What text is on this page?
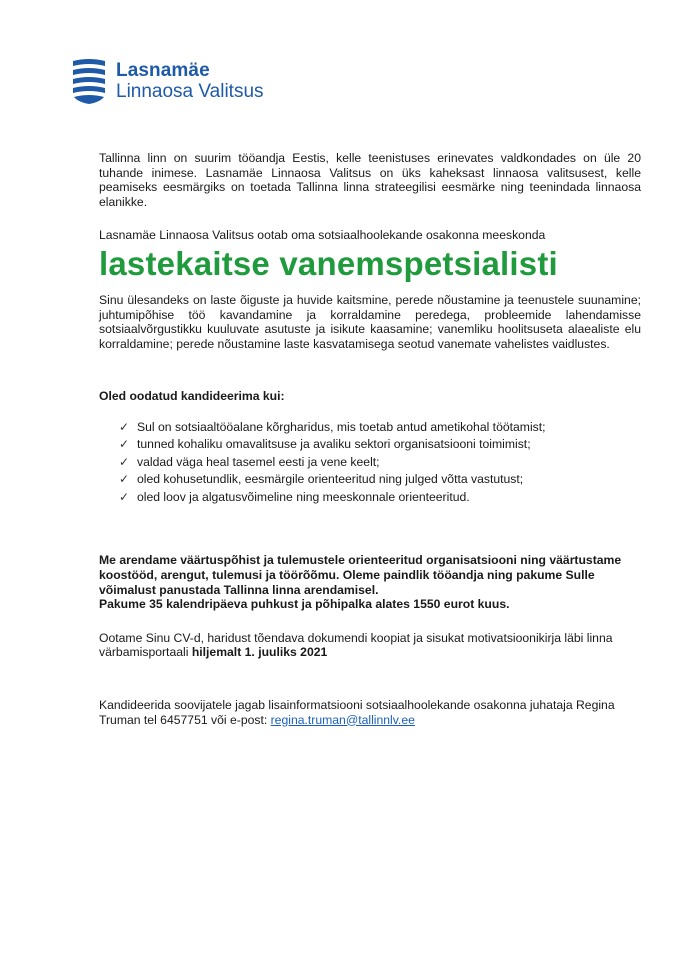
Lasnamäe
Linnaosa Valitsus

Tallinna linn on suurim tööandja Eestis, kelle teenistuses erinevates valdkondades on üle 20 tuhande inimese. Lasnamäe Linnaosa Valitsus on üks kaheksast linnaosa valitsusest, kelle peamiseks eesmärgiks on toetada Tallinna linna strateegilisi eesmärke ning teenindada linnaosa elanikke.

Lasnamäe Linnaosa Valitsus ootab oma sotsiaalhoolekande osakonna meeskonda

lastekaitse vanemspetsialisti

Sinu ülesandeks on laste õiguste ja huvide kaitsmine, perede nõustamine ja teenustele suunamine; juhtumipõhise töö kavandamine ja korraldamine peredega, probleemide lahendamisse sotsiaalvõrgustikku kuuluvate asutuste ja isikute kaasamine; vanemliku hoolitsuseta alaealiste elu korraldamine; perede nõustamine laste kasvatamisega seotud vanemate vahelistes vaidlustes.

Oled oodatud kandideerima kui:

✓ Sul on sotsiaaltööalane kõrgharidus, mis toetab antud ametikohal töötamist;
✓ tunned kohaliku omavalitsuse ja avaliku sektori organisatsiooni toimimist;
✓ valdad väga heal tasemel eesti ja vene keelt;
✓ oled kohusetundlik, eesmärgile orienteeritud ning julged võtta vastutust;
✓ oled loov ja algatusvõimeline ning meeskonnale orienteeritud.

Me arendame väärtuspõhist ja tulemustele orienteeritud organisatsiooni ning väärtustame koostööd, arengut, tulemusi ja töörõõmu. Oleme paindlik tööandja ning pakume Sulle võimalust panustada Tallinna linna arendamisel.

Pakume 35 kalendripäeva puhkust ja põhipalka alates 1550 eurot kuus.

Ootame Sinu CV-d, haridust tõendava dokumendi koopiat ja sisukat motivatsioonikirja läbi linna värbamisportaali hiljemalt 1. juuliks 2021

Kandideerida soovijatele jagab lisainformatsiooni sotsiaalhoolekande osakonna juhataja Regina Truman tel 6457751 või e-post: regina.truman@tallinnlv.ee
